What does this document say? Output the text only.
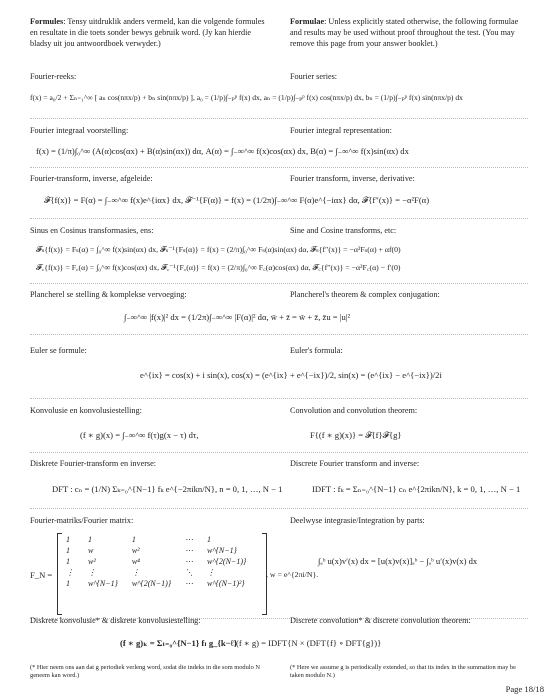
Formules: Tensy uitdruklik anders vermeld, kan die volgende formules en resultate in die toets sonder bewys gebruik word. (Jy kan hierdie bladsy uit jou antwoordboek verwyder.)
Formulae: Unless explicitly stated otherwise, the following formulae and results may be used without proof throughout the test. (You may remove this page from your answer booklet.)
Fourier-reeks:	Fourier series:
f(x) = a₀/2 + Σₙ₌₁^∞ [ aₙ cos(nπx/p) + bₙ sin(nπx/p) ], a₀ = (1/p)∫₋ₚᵖ f(x) dx, aₙ = (1/p)∫₋ₚᵖ f(x) cos(nπx/p) dx, bₙ = (1/p)∫₋ₚᵖ f(x) sin(nπx/p) dx
Fourier integraal voorstelling:	Fourier integral representation:
f(x) = (1/π)∫₀^∞ (A(α)cos(αx) + B(α)sin(αx)) dα, A(α) = ∫₋∞^∞ f(x)cos(αx) dx, B(α) = ∫₋∞^∞ f(x)sin(αx) dx
Fourier-transform, inverse, afgeleide:	Fourier transform, inverse, derivative:
𝓕{f(x)} = F(α) = ∫₋∞^∞ f(x)e^{iαx} dx, 𝓕⁻¹{F(α)} = f(x) = (1/2π)∫₋∞^∞ F(α)e^{−iαx} dα, 𝓕{f″(x)} = −α²F(α)
Sinus en Cosinus transformasies, ens:	Sine and Cosine transforms, etc:
𝓕ₛ{f(x)} = Fₛ(α) = ∫₀^∞ f(x)sin(αx) dx, 𝓕ₛ⁻¹{Fₛ(α)} = f(x) = (2/π)∫₀^∞ Fₛ(α)sin(αx) dα, 𝓕ₛ{f″(x)} = −α²Fₛ(α) + αf(0)
𝓕꜀{f(x)} = F꜀(α) = ∫₀^∞ f(x)cos(αx) dx, 𝓕꜀⁻¹{F꜀(α)} = f(x) = (2/π)∫₀^∞ F꜀(α)cos(αx) dα, 𝓕꜀{f″(x)} = −α²F꜀(α) − f′(0)
Plancherel se stelling & komplekse vervoeging:	Plancherel's theorem & complex conjugation:
∫₋∞^∞ |f(x)|² dx = (1/2π)∫₋∞^∞ |F(α)|² dα, w̄ + z̄ = w̄ + z̄, z̄u = |u|²
Euler se formule:	Euler's formula:
e^{ix} = cos(x) + i sin(x), cos(x) = (e^{ix} + e^{−ix})/2, sin(x) = (e^{ix} − e^{−ix})/2i
Konvolusie en konvolusiestelling:	Convolution and convolution theorem:
(f ∗ g)(x) = ∫₋∞^∞ f(τ)g(x − τ) dτ,	F{(f ∗ g)(x)} = 𝓕{f}𝓕{g}
Diskrete Fourier-transform en inverse:	Discrete Fourier transform and inverse:
DFT : cₙ = (1/N) Σₖ₌₀^{N−1} fₖ e^{−2πikn/N}, n = 0, 1, …, N − 1	IDFT : fₖ = Σₙ₌₀^{N−1} cₙ e^{2πikn/N}, k = 0, 1, …, N − 1
Fourier-matriks/Fourier matrix:	Deelwyse integrasie/Integration by parts:
F_N =
1	1	1	⋯	1
1	w	w²	⋯	w^{N−1}
1	w²	w⁴	⋯	w^{2(N−1)}
⋮	⋮	⋮	⋱	⋮
1	w^{N−1}	w^{2(N−1)}	⋯	w^{(N−1)²}
, w = e^{2πi/N}.
∫ₐᵇ u(x)v′(x) dx = [u(x)v(x)]ₐᵇ − ∫ₐᵇ u′(x)v(x) dx
Diskrete konvolusie* & diskrete konvolusiestelling:	Discrete convolution* & discrete convolution theorem:
(f ∗ g)ₖ = Σₗ₌₀^{N−1} fₗ g_{k−ℓ}
(f ∗ g) = IDFT{N × (DFT{f} ∘ DFT{g})}
(* Hier neem ons aan dat g periodiek verleng word, sodat die indeks in die som modulo N geneem kan word.)
(* Here we assume g is periodically extended, so that its index in the summation may be taken modulo N.)
Page 18/18
